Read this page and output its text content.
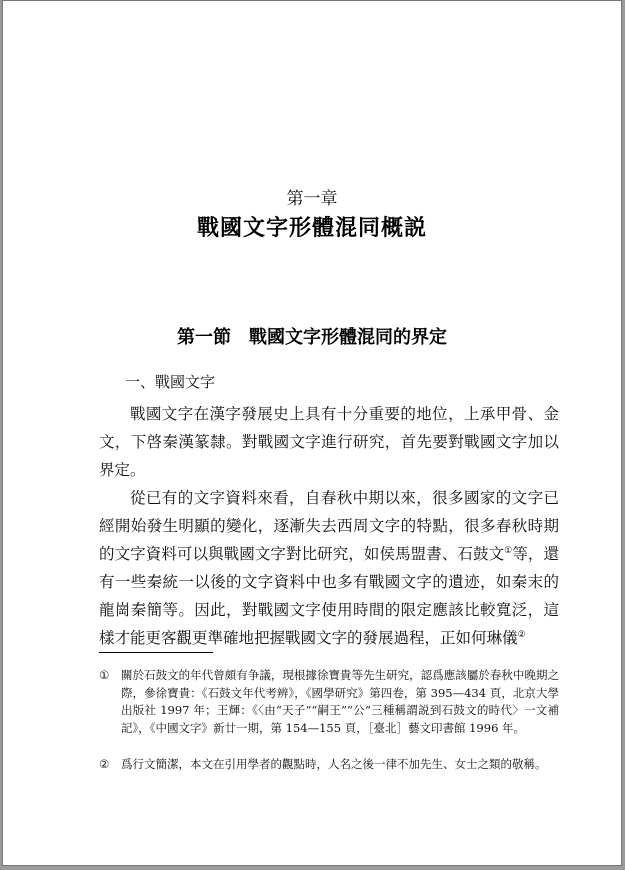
第一章
戰國文字形體混同概説
第一節　戰國文字形體混同的界定
一、戰國文字

戰國文字在漢字發展史上具有十分重要的地位，上承甲骨、金文，下啓秦漢篆隸。對戰國文字進行研究，首先要對戰國文字加以界定。

從已有的文字資料來看，自春秋中期以來，很多國家的文字已經開始發生明顯的變化，逐漸失去西周文字的特點，很多春秋時期的文字資料可以與戰國文字對比研究，如侯馬盟書、石鼓文①等，還有一些秦統一以後的文字資料中也多有戰國文字的遺迹，如秦末的龍崗秦簡等。因此，對戰國文字使用時間的限定應該比較寬泛，這樣才能更客觀更準確地把握戰國文字的發展過程，正如何琳儀②

① 關於石鼓文的年代曾頗有争議，現根據徐寶貴等先生研究，認爲應該屬於春秋中晚期之際，參徐寶貴：《石鼓文年代考辨》，《國學研究》第四卷，第 395—434 頁，北京大學出版社 1997 年；王輝：《〈由“天子”“嗣王”“公”三種稱謂説到石鼓文的時代〉一文補記》，《中國文字》新廿一期，第 154—155 頁，［臺北］藝文印書館 1996 年。
② 爲行文簡潔，本文在引用學者的觀點時，人名之後一律不加先生、女士之類的敬稱。
